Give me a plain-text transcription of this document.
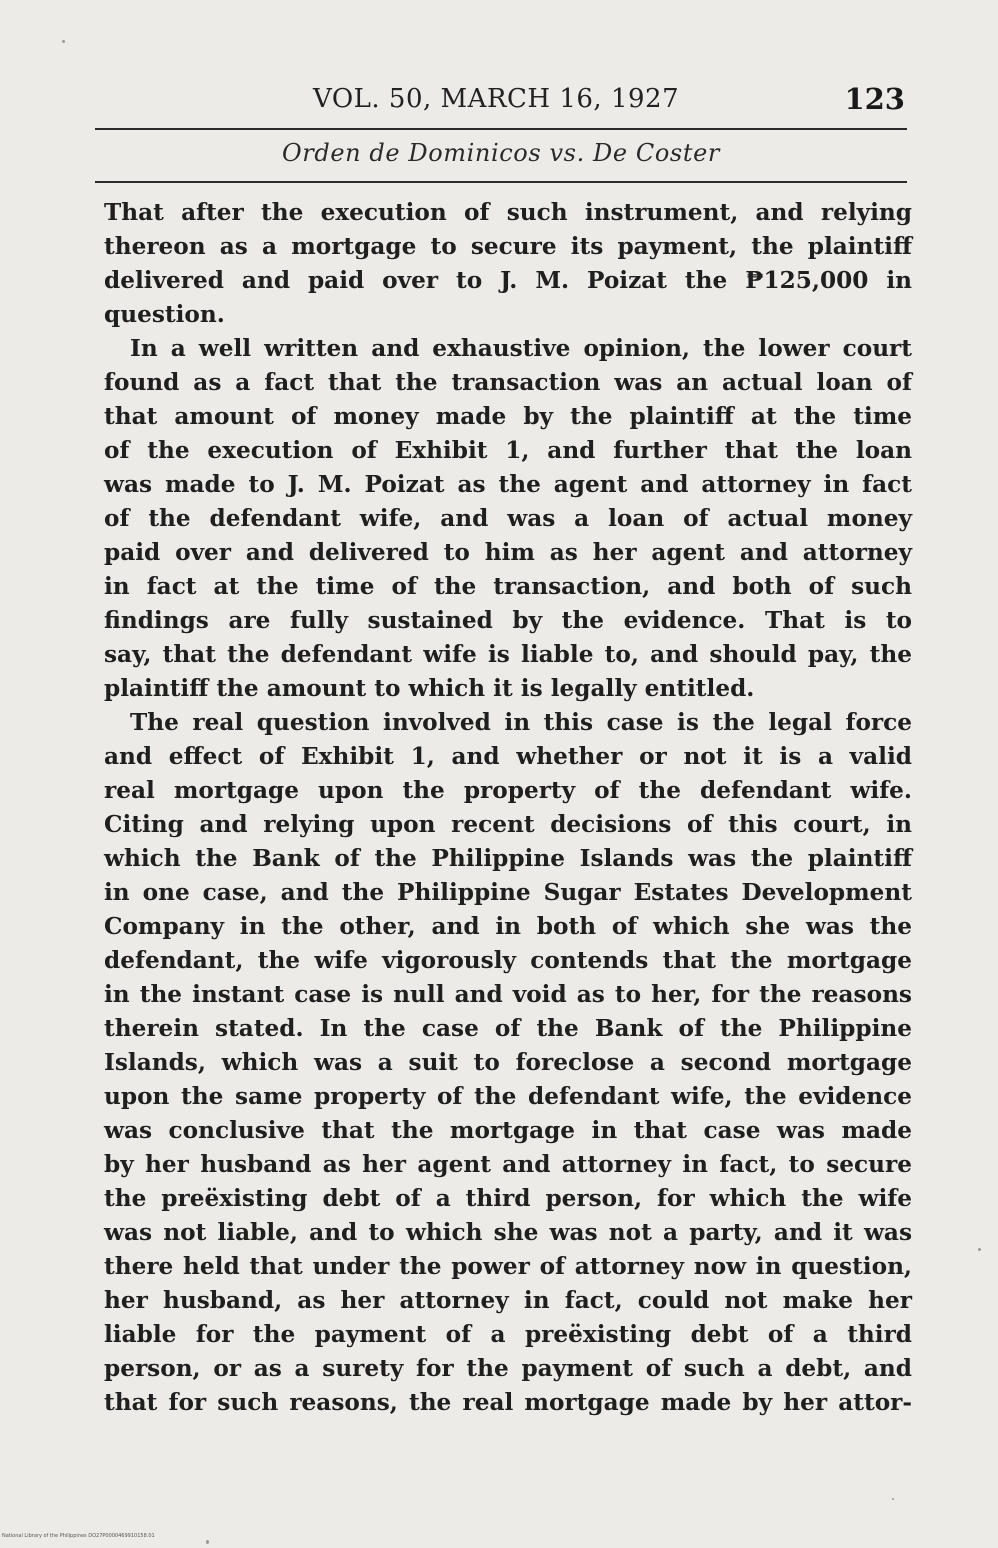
VOL. 50, MARCH 16, 1927	123
Orden de Dominicos vs. De Coster
That after the execution of such instrument, and relying
thereon as a mortgage to secure its payment, the plaintiff
delivered and paid over to J. M. Poizat the ₱125,000 in
question.
In a well written and exhaustive opinion, the lower court
found as a fact that the transaction was an actual loan of
that amount of money made by the plaintiff at the time
of the execution of Exhibit 1, and further that the loan
was made to J. M. Poizat as the agent and attorney in fact
of the defendant wife, and was a loan of actual money
paid over and delivered to him as her agent and attorney
in fact at the time of the transaction, and both of such
findings are fully sustained by the evidence. That is to
say, that the defendant wife is liable to, and should pay, the
plaintiff the amount to which it is legally entitled.
The real question involved in this case is the legal force
and effect of Exhibit 1, and whether or not it is a valid
real mortgage upon the property of the defendant wife.
Citing and relying upon recent decisions of this court, in
which the Bank of the Philippine Islands was the plaintiff
in one case, and the Philippine Sugar Estates Development
Company in the other, and in both of which she was the
defendant, the wife vigorously contends that the mortgage
in the instant case is null and void as to her, for the reasons
therein stated. In the case of the Bank of the Philippine
Islands, which was a suit to foreclose a second mortgage
upon the same property of the defendant wife, the evidence
was conclusive that the mortgage in that case was made
by her husband as her agent and attorney in fact, to secure
the preëxisting debt of a third person, for which the wife
was not liable, and to which she was not a party, and it was
there held that under the power of attorney now in question,
her husband, as her attorney in fact, could not make her
liable for the payment of a preëxisting debt of a third
person, or as a surety for the payment of such a debt, and
that for such reasons, the real mortgage made by her attor-
National Library of the Philippines DO27P0000469910158.01
